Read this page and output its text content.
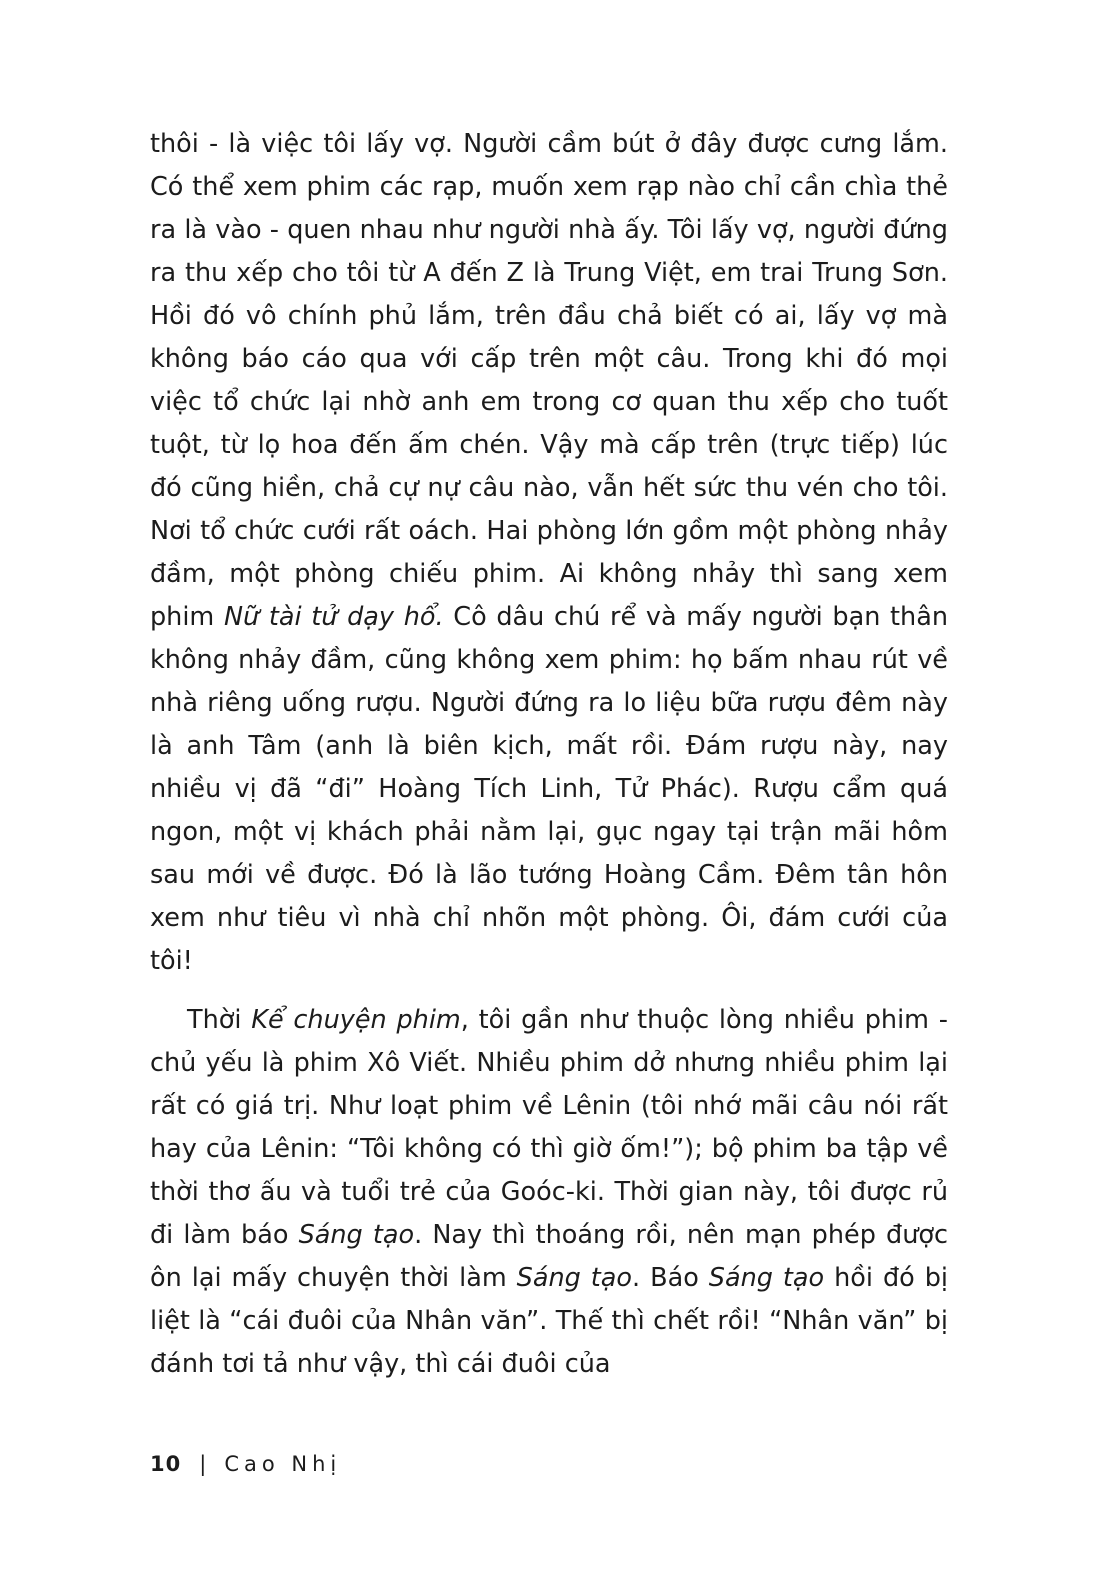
thôi - là việc tôi lấy vợ. Người cầm bút ở đây được cưng lắm. Có thể xem phim các rạp, muốn xem rạp nào chỉ cần chìa thẻ ra là vào - quen nhau như người nhà ấy. Tôi lấy vợ, người đứng ra thu xếp cho tôi từ A đến Z là Trung Việt, em trai Trung Sơn. Hồi đó vô chính phủ lắm, trên đầu chả biết có ai, lấy vợ mà không báo cáo qua với cấp trên một câu. Trong khi đó mọi việc tổ chức lại nhờ anh em trong cơ quan thu xếp cho tuốt tuột, từ lọ hoa đến ấm chén. Vậy mà cấp trên (trực tiếp) lúc đó cũng hiền, chả cự nự câu nào, vẫn hết sức thu vén cho tôi. Nơi tổ chức cưới rất oách. Hai phòng lớn gồm một phòng nhảy đầm, một phòng chiếu phim. Ai không nhảy thì sang xem phim Nữ tài tử dạy hổ. Cô dâu chú rể và mấy người bạn thân không nhảy đầm, cũng không xem phim: họ bấm nhau rút về nhà riêng uống rượu. Người đứng ra lo liệu bữa rượu đêm này là anh Tâm (anh là biên kịch, mất rồi. Đám rượu này, nay nhiều vị đã “đi” Hoàng Tích Linh, Tử Phác). Rượu cẩm quá ngon, một vị khách phải nằm lại, gục ngay tại trận mãi hôm sau mới về được. Đó là lão tướng Hoàng Cầm. Đêm tân hôn xem như tiêu vì nhà chỉ nhõn một phòng. Ôi, đám cưới của tôi!

Thời Kể chuyện phim, tôi gần như thuộc lòng nhiều phim - chủ yếu là phim Xô Viết. Nhiều phim dở nhưng nhiều phim lại rất có giá trị. Như loạt phim về Lênin (tôi nhớ mãi câu nói rất hay của Lênin: “Tôi không có thì giờ ốm!”); bộ phim ba tập về thời thơ ấu và tuổi trẻ của Goóc-ki. Thời gian này, tôi được rủ đi làm báo Sáng tạo. Nay thì thoáng rồi, nên mạn phép được ôn lại mấy chuyện thời làm Sáng tạo. Báo Sáng tạo hồi đó bị liệt là “cái đuôi của Nhân văn”. Thế thì chết rồi! “Nhân văn” bị đánh tơi tả như vậy, thì cái đuôi của

10 | Cao Nhị
